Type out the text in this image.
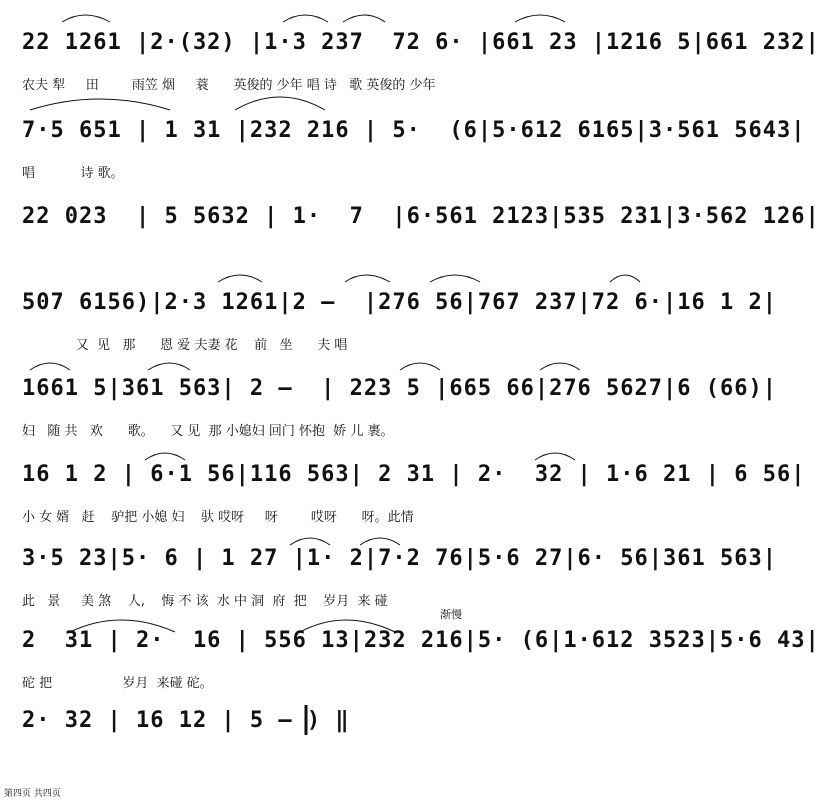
22 1261 |2·(32) |1·3 237  72 6· |661 23 |1216 5|661 232|
农夫 犁     田        雨笠 烟     蓑      英俊的 少年 唱 诗   歌 英俊的 少年
7·5 651 | 1 31 |232 216 | 5·  (6|5·612 6165|3·561 5643|
唱           诗 歌。
22 023  | 5 5632 | 1·  7  |6·561 2123|535 231|3·562 126|
507 6156)|2·3 1261|2 –  |276 56|767 237|72 6·|16 1 2|
又  见   那      恩 爱 夫妻 花    前   坐      夫 唱
1661 5|361 563| 2 –  | 223 5 |665 66|276 5627|6 (66)|
妇   随 共   欢      歌。    又 见  那 小媳妇 回门 怀抱  娇 儿 裹。
16 1 2 | 6·1 56|116 563| 2 31 | 2·  32 | 1·6 21 | 6 56|
小 女 婿   赶    驴把 小媳 妇    驮 哎呀     呀        哎呀      呀。此情
3·5 23|5· 6 | 1 27 |1· 2|7·2 76|5·6 27|6· 56|361 563|
此   景     美 煞    人,    悔 不 该  水 中 洞  府  把    岁月  来 碰
渐慢
2  31 | 2·  16 | 556 13|232 216|5· (6|1·612 3523|5·6 43|
砣 把                 岁月  来碰 砣。
2· 32 | 16 12 | 5 – ) ‖
第四页 共四页
